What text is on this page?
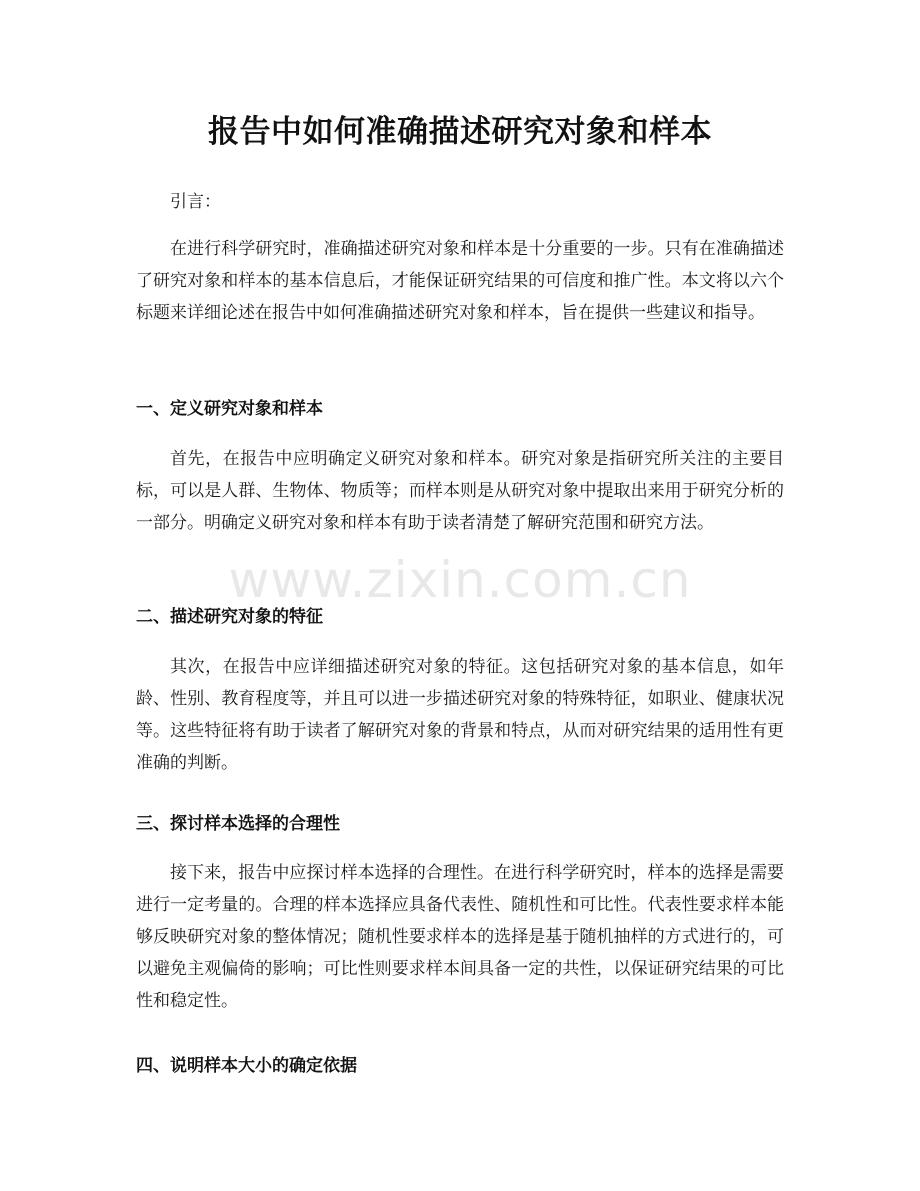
www.zixin.com.cn
报告中如何准确描述研究对象和样本
引言：
在进行科学研究时，准确描述研究对象和样本是十分重要的一步。只有在准确描述了研究对象和样本的基本信息后，才能保证研究结果的可信度和推广性。本文将以六个标题来详细论述在报告中如何准确描述研究对象和样本，旨在提供一些建议和指导。
一、定义研究对象和样本
首先，在报告中应明确定义研究对象和样本。研究对象是指研究所关注的主要目标，可以是人群、生物体、物质等；而样本则是从研究对象中提取出来用于研究分析的一部分。明确定义研究对象和样本有助于读者清楚了解研究范围和研究方法。
二、描述研究对象的特征
其次，在报告中应详细描述研究对象的特征。这包括研究对象的基本信息，如年龄、性别、教育程度等，并且可以进一步描述研究对象的特殊特征，如职业、健康状况等。这些特征将有助于读者了解研究对象的背景和特点，从而对研究结果的适用性有更准确的判断。
三、探讨样本选择的合理性
接下来，报告中应探讨样本选择的合理性。在进行科学研究时，样本的选择是需要进行一定考量的。合理的样本选择应具备代表性、随机性和可比性。代表性要求样本能够反映研究对象的整体情况；随机性要求样本的选择是基于随机抽样的方式进行的，可以避免主观偏倚的影响；可比性则要求样本间具备一定的共性，以保证研究结果的可比性和稳定性。
四、说明样本大小的确定依据
